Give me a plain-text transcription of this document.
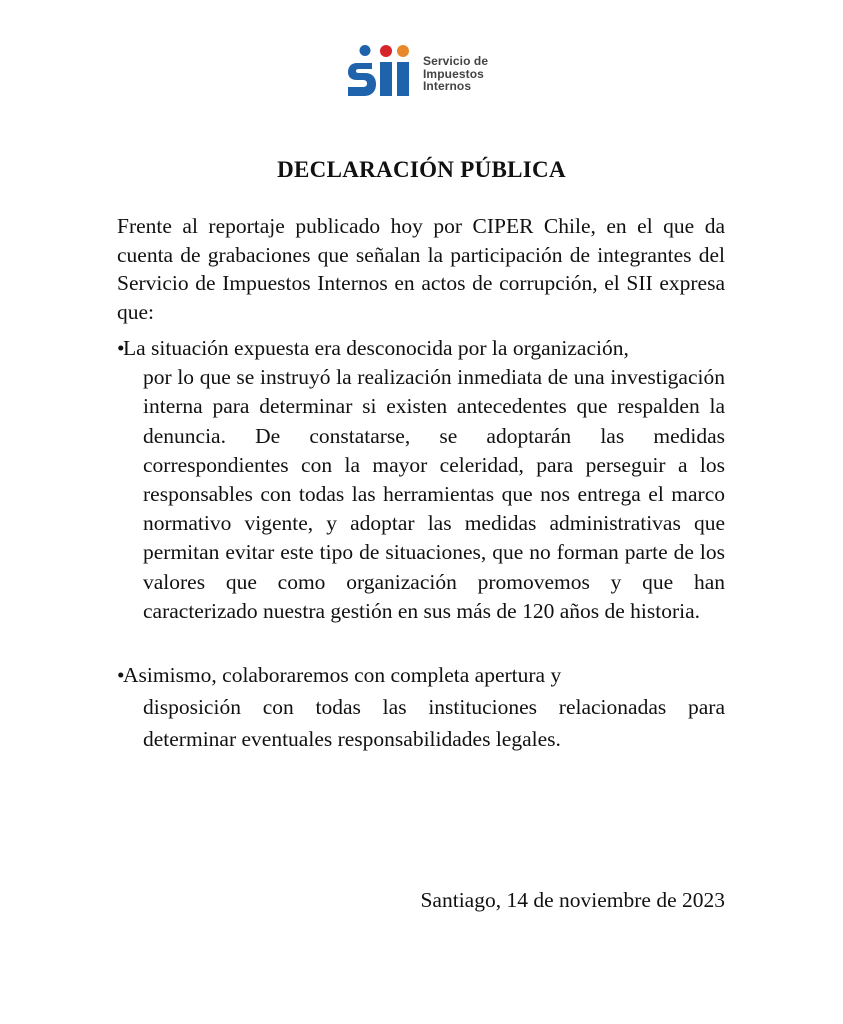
Servicio de
Impuestos
Internos
DECLARACIÓN PÚBLICA

Frente al reportaje publicado hoy por CIPER Chile, en el que da cuenta de grabaciones que señalan la participación de integrantes del Servicio de Impuestos Internos en actos de corrupción, el SII expresa que:

•
La situación expuesta era desconocida por la organización,
por lo que se instruyó la realización inmediata de una investigación interna para determinar si existen antecedentes que respalden la denuncia. De constatarse, se adoptarán las medidas correspondientes con la mayor celeridad, para perseguir a los responsables con todas las herramientas que nos entrega el marco normativo vigente, y adoptar las medidas administrativas que permitan evitar este tipo de situaciones, que no forman parte de los valores que como organización promovemos y que han caracterizado nuestra gestión en sus más de 120 años de historia.
•
Asimismo, colaboraremos con completa apertura y
disposición con todas las instituciones relacionadas para determinar eventuales responsabilidades legales.

Santiago, 14 de noviembre de 2023
